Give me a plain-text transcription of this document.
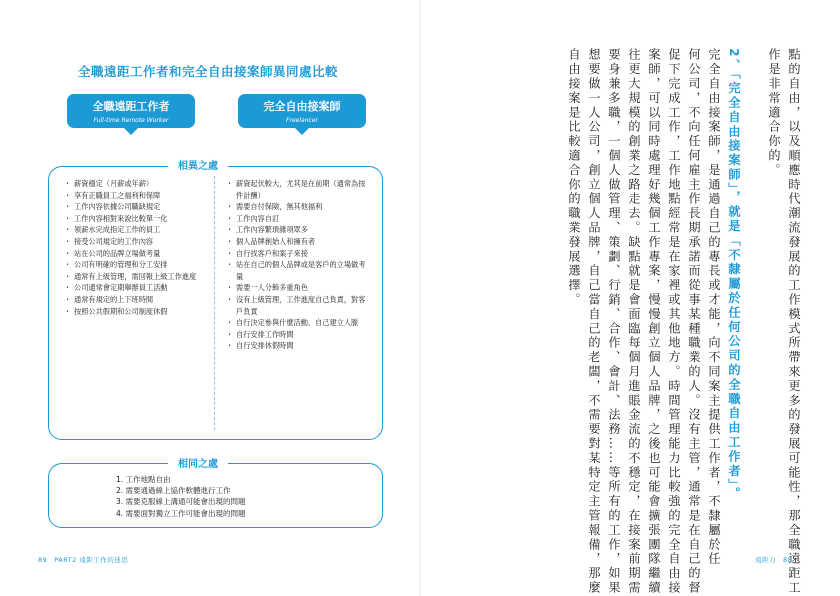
全職遠距工作者和完全自由接案師異同處比較
全職遠距工作者
Full-time Remote Worker
完全自由接案師
Freelancer
相異之處
・ 薪資穩定（月薪或年薪）
・ 享有正職員工之福利和保障
・ 工作內容依據公司職缺規定
・ 工作內容相對來說比較單一化
・ 領薪水完成指定工作的員工
・ 接受公司規定的工作內容
・ 站在公司的品牌立場做考量
・ 公司有明確的管理和分工安排
・ 通常有上級管理，需回報上級工作進度
・ 公司通常會定期舉辦員工活動
・ 通常有規定的上下班時間
・ 按照公共假期和公司制度休假
・ 薪資起伏較大，尤其是在前期（通常為按件計酬）
・ 需要自付保險，無其他福利
・ 工作內容自訂
・ 工作內容繁瑣雜項眾多
・ 個人品牌創始人和擁有者
・ 自行找客戶和案子來接
・ 站在自己的個人品牌或是客戶的立場做考量
・ 需要一人分飾多重角色
・ 沒有上級管理，工作進度自己負責，對客戶負責
・ 自行決定參與什麼活動、自己建立人脈
・ 自行安排工作時間
・ 自行安排休假時間
相同之處
1. 工作地點自由
2. 需要通過線上協作軟體進行工作
3. 需要克服線上溝通可能會出現的問題
4. 需要面對獨立工作可能會出現的問題
89　PART2 遠距工作的迷思	點的自由，以及順應時代潮流發展的工作模式所帶來更多的發展可能性，那全職遠距工
作是非常適合你的。
2、「完全自由接案師」，就是「不隸屬於任何公司的全職自由工作者」。
完全自由接案師，是通過自己的專長或才能，向不同案主提供工作者，不隸屬於任
何公司，不向任何雇主作長期承諾而從事某種職業的人。沒有主管，通常是在自己的督
促下完成工作，工作地點經常是在家裡或其他地方。時間管理能力比較強的完全自由接
案師，可以同時處理好幾個工作專案，慢慢創立個人品牌，之後也可能會擴張團隊繼續
往更大規模的創業之路走去。缺點就是會面臨每個月進賬金流的不穩定，在接案前期需
要身兼多職，一個人做管理、策劃、行銷、合作、會計、法務……等所有的工作，如果
想要做一人公司，創立個人品牌，自己當自己的老闆，不需要對某特定主管報備，那麼
自由接案是比較適合你的職業發展選擇。
遠距力　88
